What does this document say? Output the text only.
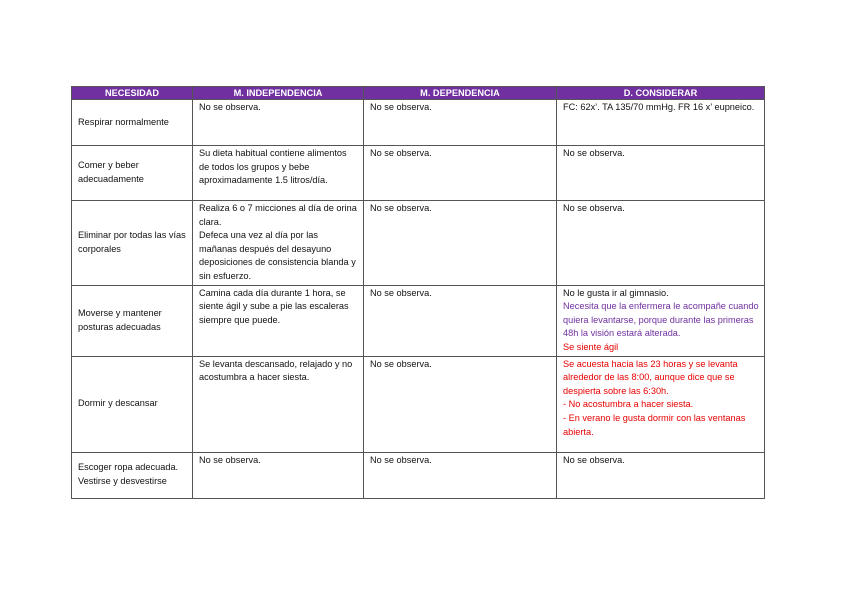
NECESIDAD	M. INDEPENDENCIA	M. DEPENDENCIA	D. CONSIDERAR
Respirar normalmente	No se observa.	No se observa.	FC: 62x’. TA 135/70 mmHg. FR 16 x’ eupneico.

Comer y beber adecuadamente	Su dieta habitual contiene alimentos de todos los grupos y bebe aproximadamente 1.5 litros/día.	No se observa.	No se observa.

Eliminar por todas las vías corporales	Realiza 6 o 7 micciones al día de orina clara.
Defeca una vez al día por las mañanas después del desayuno deposiciones de consistencia blanda y sin esfuerzo.	No se observa.	No se observa.

Moverse y mantener posturas adecuadas	Camina cada día durante 1 hora, se siente ágil y sube a pie las escaleras siempre que puede.	No se observa.	No le gusta ir al gimnasio.
Necesita que la enfermera le acompañe cuando quiera levantarse, porque durante las primeras 48h la visión estará alterada.
Se siente ágil

Dormir y descansar	Se levanta descansado, relajado y no acostumbra a hacer siesta.	No se observa.	Se acuesta hacia las 23 horas y se levanta alrededor de las 8:00, aunque dice que se despierta sobre las 6:30h.
- No acostumbra a hacer siesta.
- En verano le gusta dormir con las ventanas abierta.

Escoger ropa adecuada. Vestirse y desvestirse	No se observa.	No se observa.	No se observa.
